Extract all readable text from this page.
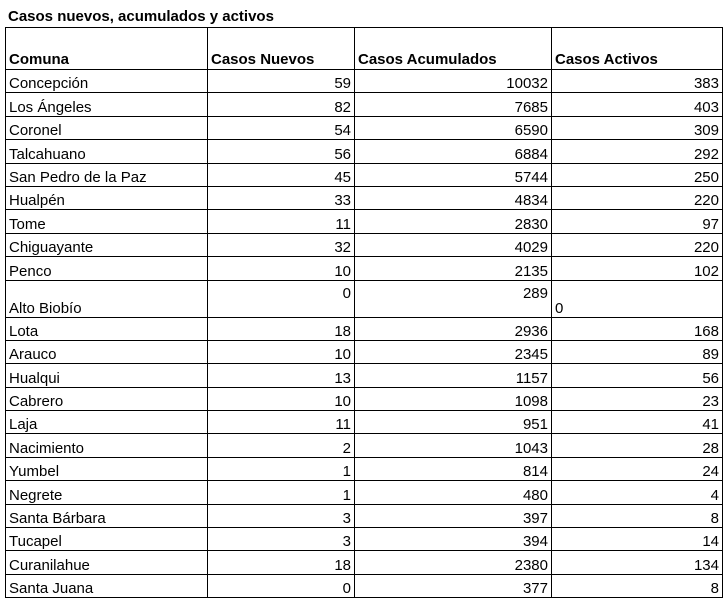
Casos nuevos, acumulados y activos
Comuna	Casos Nuevos	Casos Acumulados	Casos Activos
Concepción	59	10032	383
Los Ángeles	82	7685	403
Coronel	54	6590	309
Talcahuano	56	6884	292
San Pedro de la Paz	45	5744	250
Hualpén	33	4834	220
Tome	11	2830	97
Chiguayante	32	4029	220
Penco	10	2135	102
Alto Biobío	0	289	0
Lota	18	2936	168
Arauco	10	2345	89
Hualqui	13	1157	56
Cabrero	10	1098	23
Laja	11	951	41
Nacimiento	2	1043	28
Yumbel	1	814	24
Negrete	1	480	4
Santa Bárbara	3	397	8
Tucapel	3	394	14
Curanilahue	18	2380	134
Santa Juana	0	377	8
